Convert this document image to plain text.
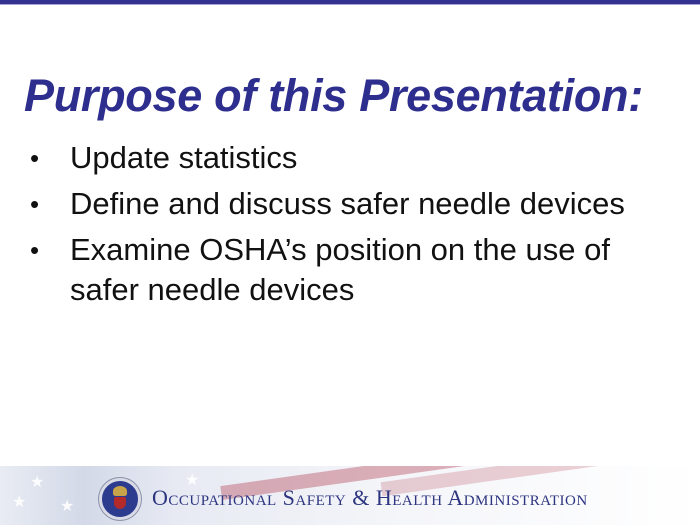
Purpose of this Presentation:
• Update statistics
• Define and discuss safer needle devices
• Examine OSHA’s position on the use of safer needle devices
★
★ ★
★
Occupational Safety & Health Administration
